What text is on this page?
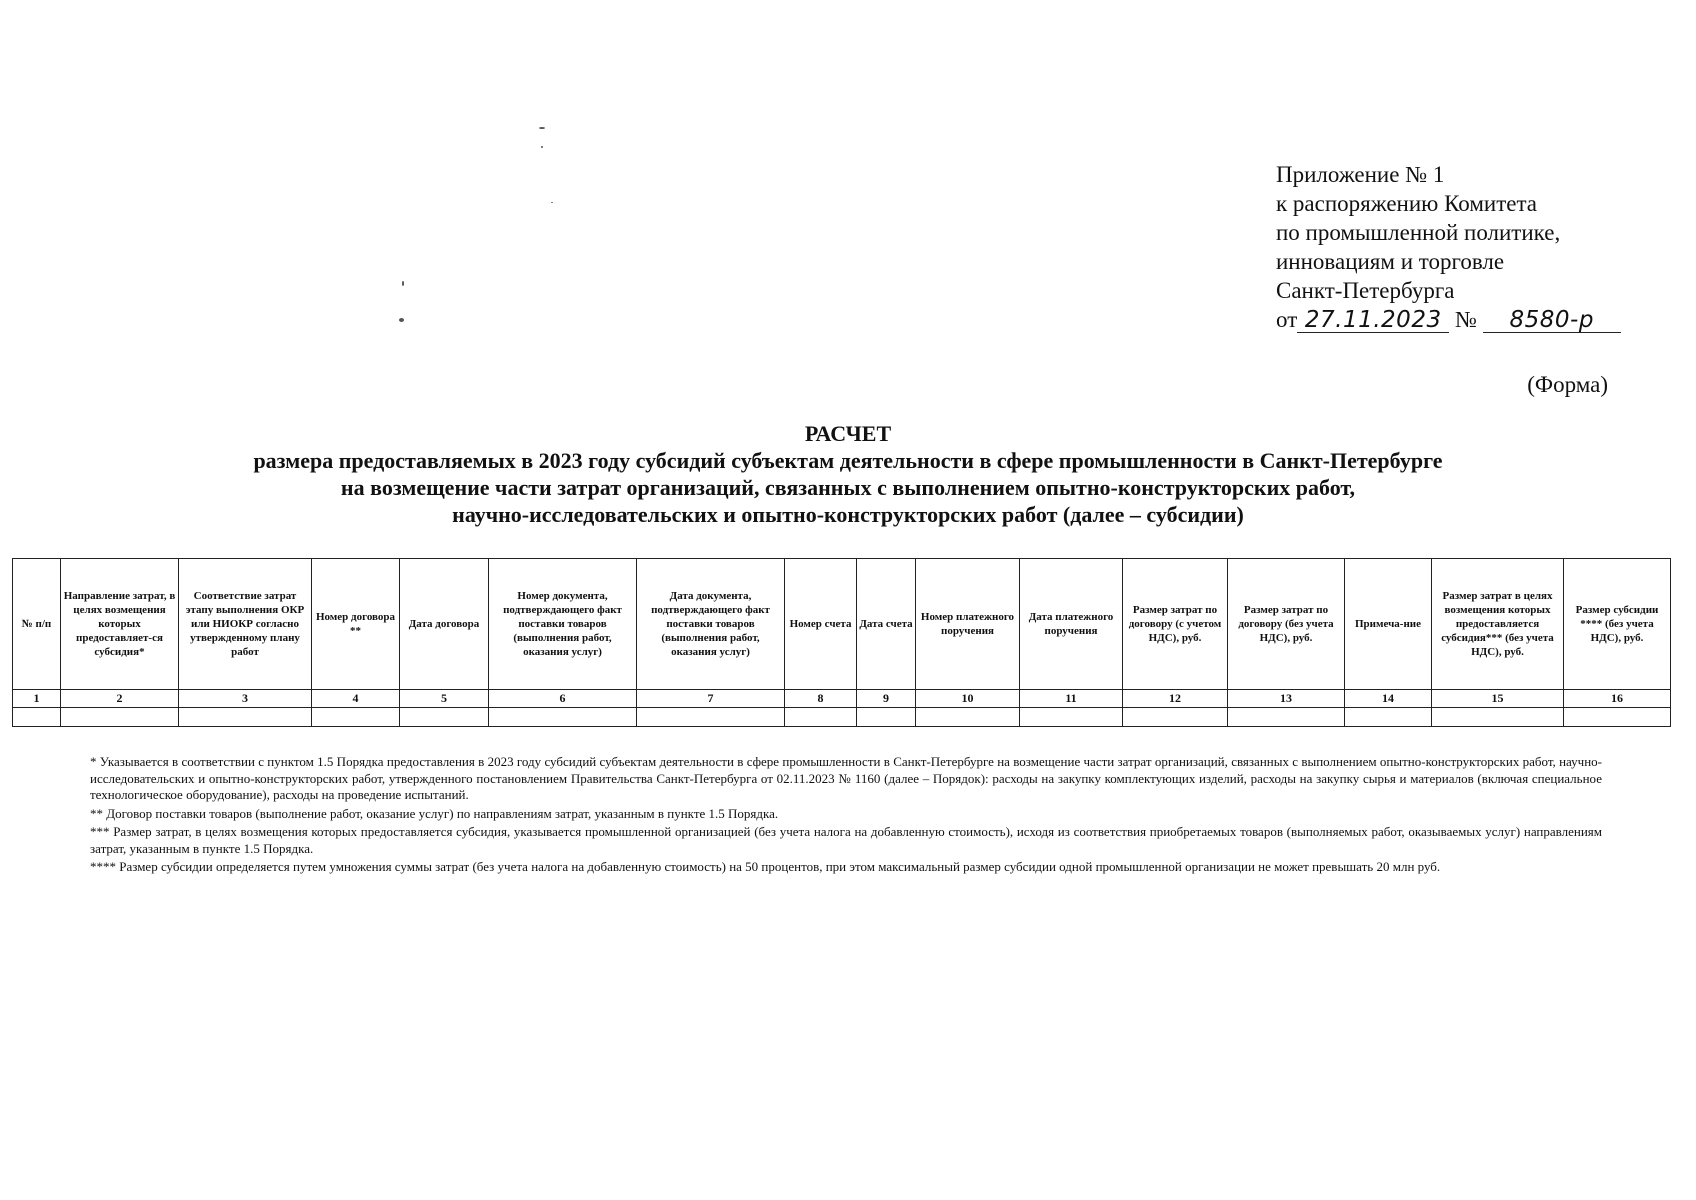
Приложение № 1
к распоряжению Комитета
по промышленной политике,
инновациям и торговле
Санкт-Петербурга
от 27.11.2023 № 8580-р
(Форма)
РАСЧЕТ
размера предоставляемых в 2023 году субсидий субъектам деятельности в сфере промышленности в Санкт-Петербурге
на возмещение части затрат организаций, связанных с выполнением опытно-конструкторских работ,
научно-исследовательских и опытно-конструкторских работ (далее – субсидии)
№ п/п	Направление затрат, в целях возмещения которых предоставляет-ся субсидия*	Соответствие затрат этапу выполнения ОКР или НИОКР согласно утвержденному плану работ	Номер договора **	Дата договора	Номер документа, подтверждающего факт поставки товаров (выполнения работ, оказания услуг)	Дата документа, подтверждающего факт поставки товаров (выполнения работ, оказания услуг)	Номер счета	Дата счета	Номер платежного поручения	Дата платежного поручения	Размер затрат по договору (с учетом НДС), руб.	Размер затрат по договору (без учета НДС), руб.	Примеча-ние	Размер затрат в целях возмещения которых предоставляется субсидия*** (без учета НДС), руб.	Размер субсидии **** (без учета НДС), руб.
1	2	3	4	5	6	7	8	9	10	11	12	13	14	15	16

* Указывается в соответствии с пунктом 1.5 Порядка предоставления в 2023 году субсидий субъектам деятельности в сфере промышленности в Санкт-Петербурге на возмещение части затрат организаций, связанных с выполнением опытно-конструкторских работ, научно-исследовательских и опытно-конструкторских работ, утвержденного постановлением Правительства Санкт-Петербурга от 02.11.2023 № 1160 (далее – Порядок): расходы на закупку комплектующих изделий, расходы на закупку сырья и материалов (включая специальное технологическое оборудование), расходы на проведение испытаний.

** Договор поставки товаров (выполнение работ, оказание услуг) по направлениям затрат, указанным в пункте 1.5 Порядка.

*** Размер затрат, в целях возмещения которых предоставляется субсидия, указывается промышленной организацией (без учета налога на добавленную стоимость), исходя из соответствия приобретаемых товаров (выполняемых работ, оказываемых услуг) направлениям затрат, указанным в пункте 1.5 Порядка.

**** Размер субсидии определяется путем умножения суммы затрат (без учета налога на добавленную стоимость) на 50 процентов, при этом максимальный размер субсидии одной промышленной организации не может превышать 20 млн руб.
